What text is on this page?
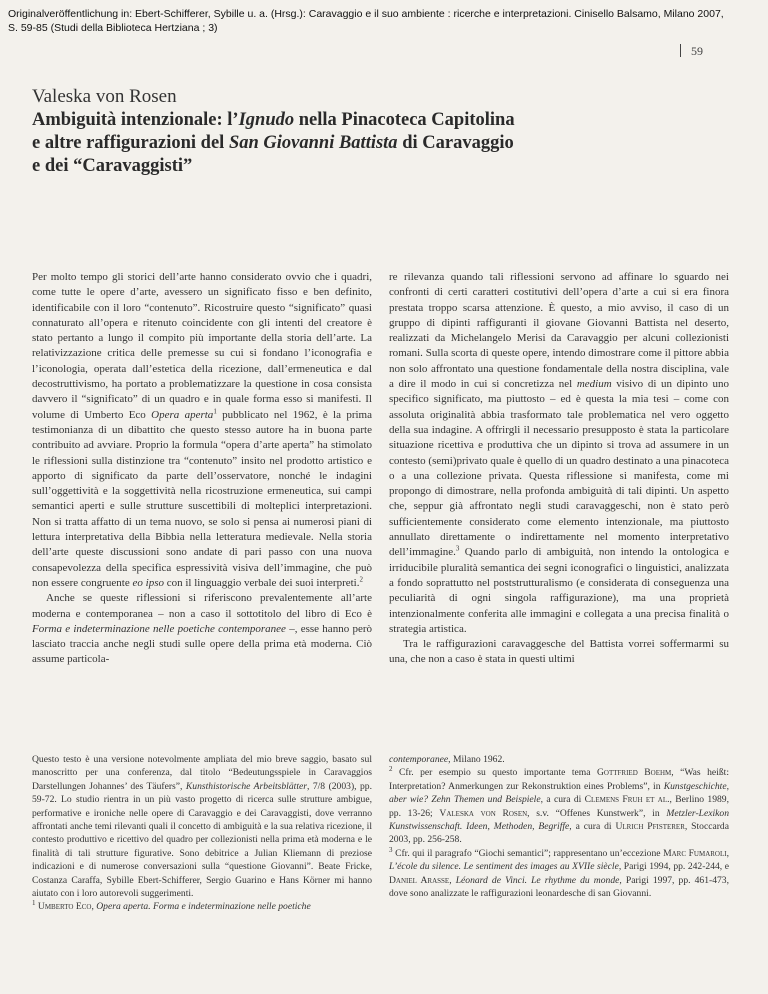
Originalveröffentlichung in: Ebert-Schifferer, Sybille u. a. (Hrsg.): Caravaggio e il suo ambiente : ricerche e interpretazioni. Cinisello Balsamo, Milano 2007,
S. 59-85 (Studi della Biblioteca Hertziana ; 3)
59
Valeska von Rosen
Ambiguità intenzionale: l’Ignudo nella Pinacoteca Capitolina
e altre raffigurazioni del San Giovanni Battista di Caravaggio
e dei “Caravaggisti”

Per molto tempo gli storici dell’arte hanno considerato ovvio che i quadri, come tutte le opere d’arte, avessero un significato fisso e ben definito, identificabile con il loro “contenuto”. Ricostruire questo “significato” quasi connaturato all’opera e ritenuto coincidente con gli intenti del creatore è stato pertanto a lungo il compito più importante della storia dell’arte. La relativizzazione critica delle premesse su cui si fondano l’iconografia e l’iconologia, operata dall’estetica della ricezione, dall’ermeneutica e dal decostruttivismo, ha portato a problematizzare la questione in cosa consista davvero il “significato” di un quadro e in quale forma esso si manifesti. Il volume di Umberto Eco Opera aperta$^1$ pubblicato nel 1962, è la prima testimonianza di un dibattito che questo stesso autore ha in buona parte contribuito ad avviare. Proprio la formula “opera d’arte aperta” ha stimolato le riflessioni sulla distinzione tra “contenuto” insito nel prodotto artistico e apporto di significato da parte dell’osservatore, nonché le indagini sull’oggettività e la soggettività nella ricostruzione ermeneutica, sui campi semantici aperti e sulle strutture suscettibili di molteplici interpretazioni. Non si tratta affatto di un tema nuovo, se solo si pensa ai numerosi piani di lettura interpretativa della Bibbia nella letteratura medievale. Nella storia dell’arte queste discussioni sono andate di pari passo con una nuova consapevolezza della specifica espressività visiva dell’immagine, che può non essere congruente eo ipso con il linguaggio verbale dei suoi interpreti.$^2$

Anche se queste riflessioni si riferiscono prevalentemente all’arte moderna e contemporanea – non a caso il sottotitolo del libro di Eco è Forma e indeterminazione nelle poetiche contemporanee –, esse hanno però lasciato traccia anche negli studi sulle opere della prima età moderna. Ciò assume particola-

re rilevanza quando tali riflessioni servono ad affinare lo sguardo nei confronti di certi caratteri costitutivi dell’opera d’arte a cui si era finora prestata troppo scarsa attenzione. È questo, a mio avviso, il caso di un gruppo di dipinti raffiguranti il giovane Giovanni Battista nel deserto, realizzati da Michelangelo Merisi da Caravaggio per alcuni collezionisti romani. Sulla scorta di queste opere, intendo dimostrare come il pittore abbia non solo affrontato una questione fondamentale della nostra disciplina, vale a dire il modo in cui si concretizza nel medium visivo di un dipinto uno specifico significato, ma piuttosto – ed è questa la mia tesi – come con assoluta originalità abbia trasformato tale problematica nel vero oggetto della sua indagine. A offrirgli il necessario presupposto è stata la particolare situazione ricettiva e produttiva che un dipinto si trova ad assumere in un contesto (semi)privato quale è quello di un quadro destinato a una pinacoteca o a una collezione privata. Questa riflessione si manifesta, come mi propongo di dimostrare, nella profonda ambiguità di tali dipinti. Un aspetto che, seppur già affrontato negli studi caravaggeschi, non è stato però sufficientemente considerato come elemento intenzionale, ma piuttosto annullato direttamente o indirettamente nel momento interpretativo dell’immagine.$^3$ Quando parlo di ambiguità, non intendo la ontologica e irriducibile pluralità semantica dei segni iconografici o linguistici, analizzata a fondo soprattutto nel poststrutturalismo (e considerata di conseguenza una peculiarità di ogni singola raffigurazione), ma una proprietà intenzionalmente conferita alle immagini e collegata a una precisa finalità o strategia artistica.

Tra le raffigurazioni caravaggesche del Battista vorrei soffermarmi su una, che non a caso è stata in questi ultimi

Questo testo è una versione notevolmente ampliata del mio breve saggio, basato sul manoscritto per una conferenza, dal titolo “Bedeutungsspiele in Caravaggios Darstellungen Johannes’ des Täufers”, Kunsthistorische Arbeitsblätter, 7/8 (2003), pp. 59-72. Lo studio rientra in un più vasto progetto di ricerca sulle strutture ambigue, performative e ironiche nelle opere di Caravaggio e dei Caravaggisti, dove verranno affrontati anche temi rilevanti quali il concetto di ambiguità e la sua relativa ricezione, il contesto produttivo e ricettivo del quadro per collezionisti nella prima età moderna e le finalità di tali strutture figurative. Sono debitrice a Julian Kliemann di preziose indicazioni e di numerose conversazioni sulla “questione Giovanni”. Beate Fricke, Costanza Caraffa, Sybille Ebert-Schifferer, Sergio Guarino e Hans Körner mi hanno aiutato con i loro autorevoli suggerimenti.

$^1$ Umberto Eco, Opera aperta. Forma e indeterminazione nelle poetiche

contemporanee, Milano 1962.

$^2$ Cfr. per esempio su questo importante tema Gottfried Boehm, “Was heißt: Interpretation? Anmerkungen zur Rekonstruktion eines Problems”, in Kunstgeschichte, aber wie? Zehn Themen und Beispiele, a cura di Clemens Fruh et al., Berlino 1989, pp. 13-26; Valeska von Rosen, s.v. “Offenes Kunstwerk”, in Metzler-Lexikon Kunstwissenschaft. Ideen, Methoden, Begriffe, a cura di Ulrich Pfisterer, Stoccarda 2003, pp. 256-258.

$^3$ Cfr. qui il paragrafo “Giochi semantici”; rappresentano un’eccezione Marc Fumaroli, L’école du silence. Le sentiment des images au XVIIe siècle, Parigi 1994, pp. 242-244, e Daniel Arasse, Léonard de Vinci. Le rhythme du monde, Parigi 1997, pp. 461-473, dove sono analizzate le raffigurazioni leonardesche di san Giovanni.
